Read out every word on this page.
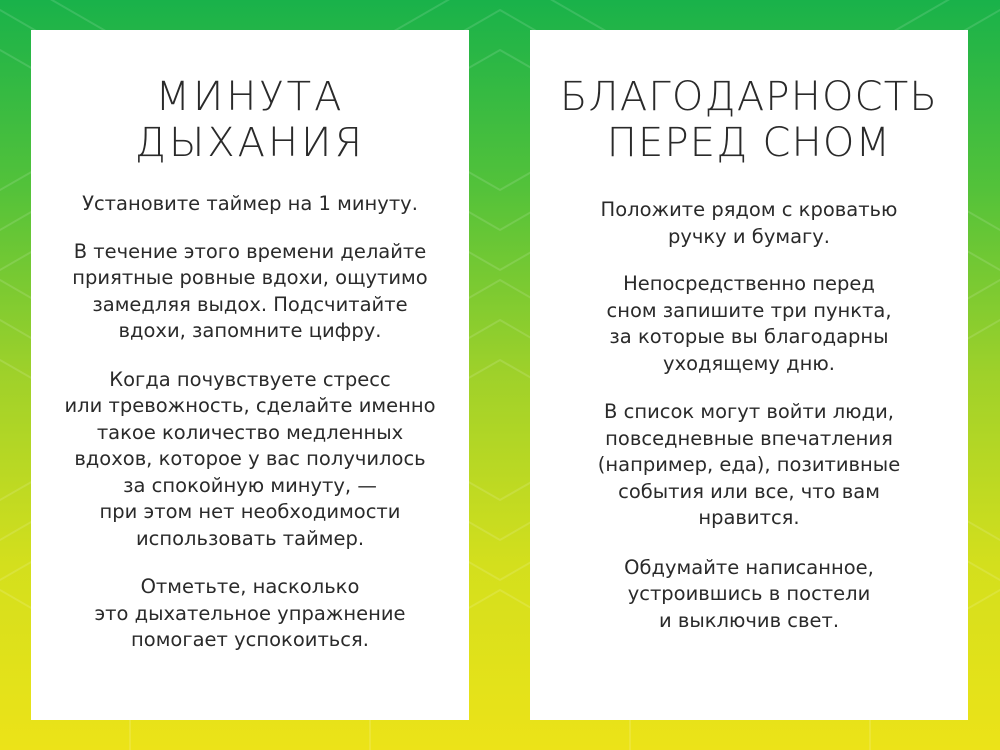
МИНУТА
ДЫХАНИЯ

Установите таймер на 1 минуту.

В течение этого времени делайте
приятные ровные вдохи, ощутимо
замедляя выдох. Подсчитайте
вдохи, запомните цифру.

Когда почувствуете стресс
или тревожность, сделайте именно
такое количество медленных
вдохов, которое у вас получилось
за спокойную минуту, —
при этом нет необходимости
использовать таймер.

Отметьте, насколько
это дыхательное упражнение
помогает успокоиться.

БЛАГОДАРНОСТЬ
ПЕРЕД СНОМ

Положите рядом с кроватью
ручку и бумагу.

Непосредственно перед
сном запишите три пункта,
за которые вы благодарны
уходящему дню.

В список могут войти люди,
повседневные впечатления
(например, еда), позитивные
события или все, что вам
нравится.

Обдумайте написанное,
устроившись в постели
и выключив свет.
